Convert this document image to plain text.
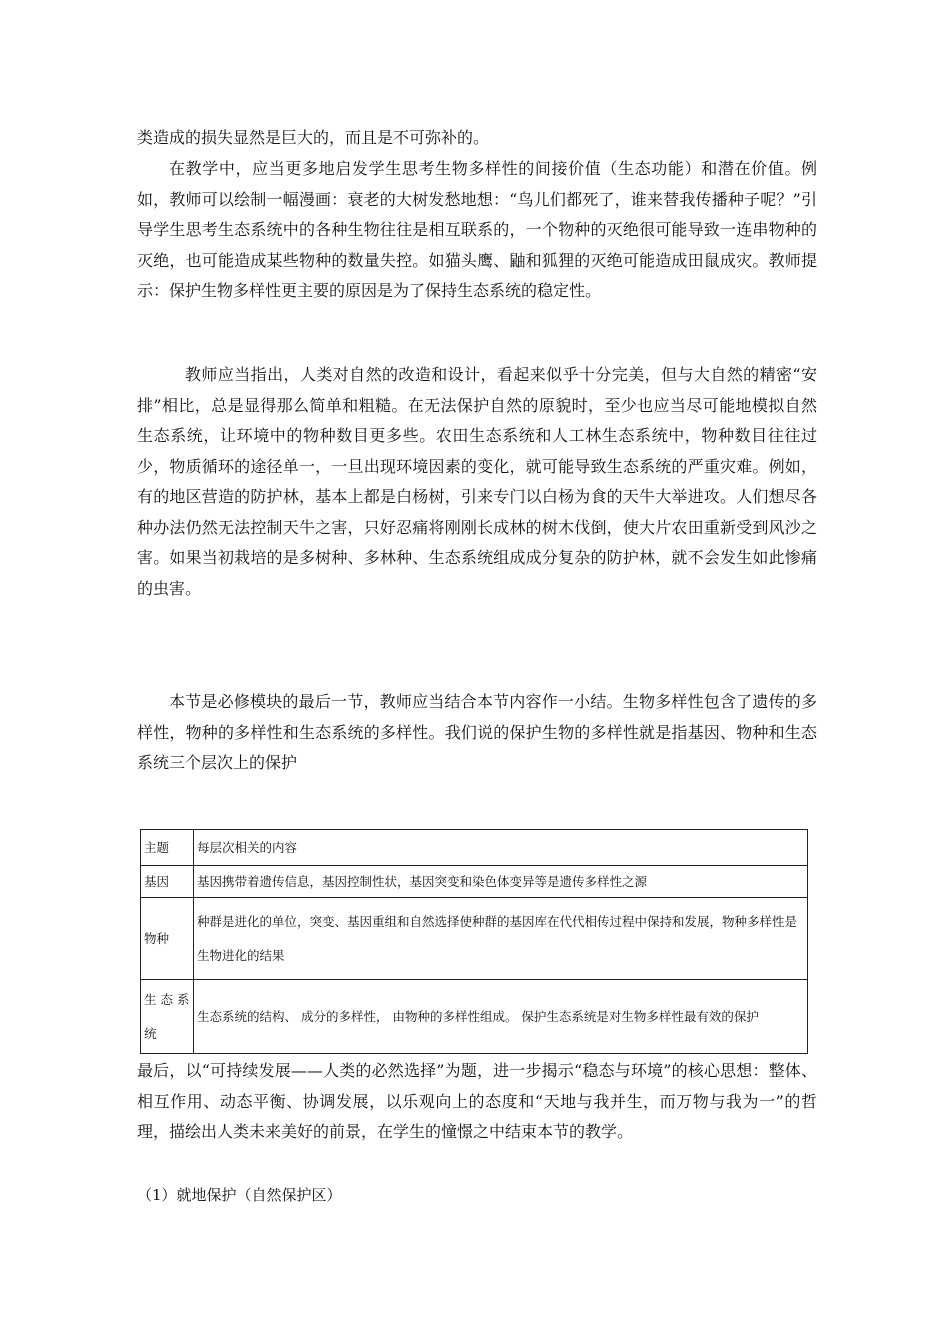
类造成的损失显然是巨大的，而且是不可弥补的。

在教学中，应当更多地启发学生思考生物多样性的间接价值（生态功能）和潜在价值。例如，教师可以绘制一幅漫画：衰老的大树发愁地想：“鸟儿们都死了，谁来替我传播种子呢？”引导学生思考生态系统中的各种生物往往是相互联系的，一个物种的灭绝很可能导致一连串物种的灭绝，也可能造成某些物种的数量失控。如猫头鹰、鼬和狐狸的灭绝可能造成田鼠成灾。教师提示：保护生物多样性更主要的原因是为了保持生态系统的稳定性。

教师应当指出，人类对自然的改造和设计，看起来似乎十分完美，但与大自然的精密“安排”相比，总是显得那么简单和粗糙。在无法保护自然的原貌时，至少也应当尽可能地模拟自然生态系统，让环境中的物种数目更多些。农田生态系统和人工林生态系统中，物种数目往往过少，物质循环的途径单一，一旦出现环境因素的变化，就可能导致生态系统的严重灾难。例如，有的地区营造的防护林，基本上都是白杨树，引来专门以白杨为食的天牛大举进攻。人们想尽各种办法仍然无法控制天牛之害，只好忍痛将刚刚长成林的树木伐倒，使大片农田重新受到风沙之害。如果当初栽培的是多树种、多林种、生态系统组成成分复杂的防护林，就不会发生如此惨痛的虫害。

本节是必修模块的最后一节，教师应当结合本节内容作一小结。生物多样性包含了遗传的多样性，物种的多样性和生态系统的多样性。我们说的保护生物的多样性就是指基因、物种和生态系统三个层次上的保护

主题	每层次相关的内容
基因	基因携带着遗传信息，基因控制性状，基因突变和染色体变异等是遗传多样性之源
物种	种群是进化的单位，突变、基因重组和自然选择使种群的基因库在代代相传过程中保持和发展，物种多样性是生物进化的结果
生 态 系统	生态系统的结构、 成分的多样性， 由物种的多样性组成。 保护生态系统是对生物多样性最有效的保护

最后，以“可持续发展——人类的必然选择”为题，进一步揭示“稳态与环境”的核心思想：整体、相互作用、动态平衡、协调发展，以乐观向上的态度和“天地与我并生，而万物与我为一”的哲理，描绘出人类未来美好的前景，在学生的憧憬之中结束本节的教学。

（1）就地保护（自然保护区）
